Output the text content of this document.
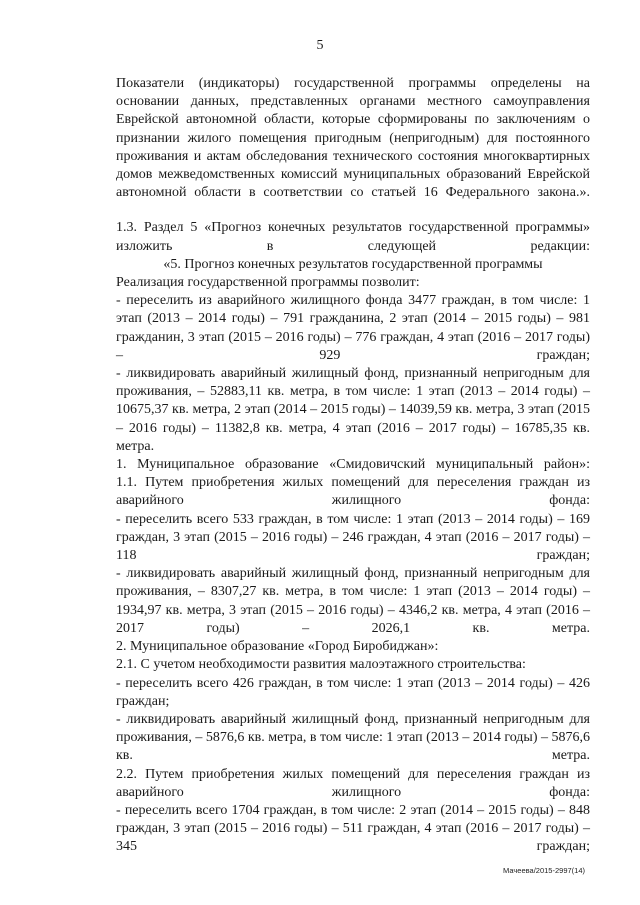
5

Показатели (индикаторы) государственной программы определены на основании данных, представленных органами местного самоуправления Еврейской автономной области, которые сформированы по заключениям о признании жилого помещения пригодным (непригодным) для постоянного проживания и актам обследования технического состояния многоквартирных домов межведомственных комиссий муниципальных образований Еврейской автономной области в соответствии со статьей 16 Федерального закона.».

1.3. Раздел 5 «Прогноз конечных результатов государственной программы» изложить в следующей редакции:

«5. Прогноз конечных результатов государственной программы

Реализация государственной программы позволит:

- переселить из аварийного жилищного фонда 3477 граждан, в том числе: 1 этап (2013 – 2014 годы) – 791 гражданина, 2 этап (2014 – 2015 годы) – 981 гражданин, 3 этап (2015 – 2016 годы) – 776 граждан, 4 этап (2016 – 2017 годы) – 929 граждан;

- ликвидировать аварийный жилищный фонд, признанный непригодным для проживания, – 52883,11 кв. метра, в том числе: 1 этап (2013 – 2014 годы) – 10675,37 кв. метра, 2 этап (2014 – 2015 годы) – 14039,59 кв. метра, 3 этап (2015 – 2016 годы) – 11382,8 кв. метра, 4 этап (2016 – 2017 годы) – 16785,35 кв. метра.

1. Муниципальное образование «Смидовичский муниципальный район»:

1.1. Путем приобретения жилых помещений для переселения граждан из аварийного жилищного фонда:

- переселить всего 533 граждан, в том числе: 1 этап (2013 – 2014 годы) – 169 граждан, 3 этап (2015 – 2016 годы) – 246 граждан, 4 этап (2016 – 2017 годы) – 118 граждан;

- ликвидировать аварийный жилищный фонд, признанный непригодным для проживания, – 8307,27 кв. метра, в том числе: 1 этап (2013 – 2014 годы) – 1934,97 кв. метра, 3 этап (2015 – 2016 годы) – 4346,2 кв. метра, 4 этап (2016 – 2017 годы) – 2026,1 кв. метра.

2. Муниципальное образование «Город Биробиджан»:

2.1. С учетом необходимости развития малоэтажного строительства:

- переселить всего 426 граждан, в том числе: 1 этап (2013 – 2014 годы) – 426 граждан;

- ликвидировать аварийный жилищный фонд, признанный непригодным для проживания, – 5876,6 кв. метра, в том числе: 1 этап (2013 – 2014 годы) – 5876,6 кв. метра.

2.2. Путем приобретения жилых помещений для переселения граждан из аварийного жилищного фонда:

- переселить всего 1704 граждан, в том числе: 2 этап (2014 – 2015 годы) – 848 граждан, 3 этап (2015 – 2016 годы) – 511 граждан, 4 этап (2016 – 2017 годы) – 345 граждан;

Мачеева/2015-2997(14)
